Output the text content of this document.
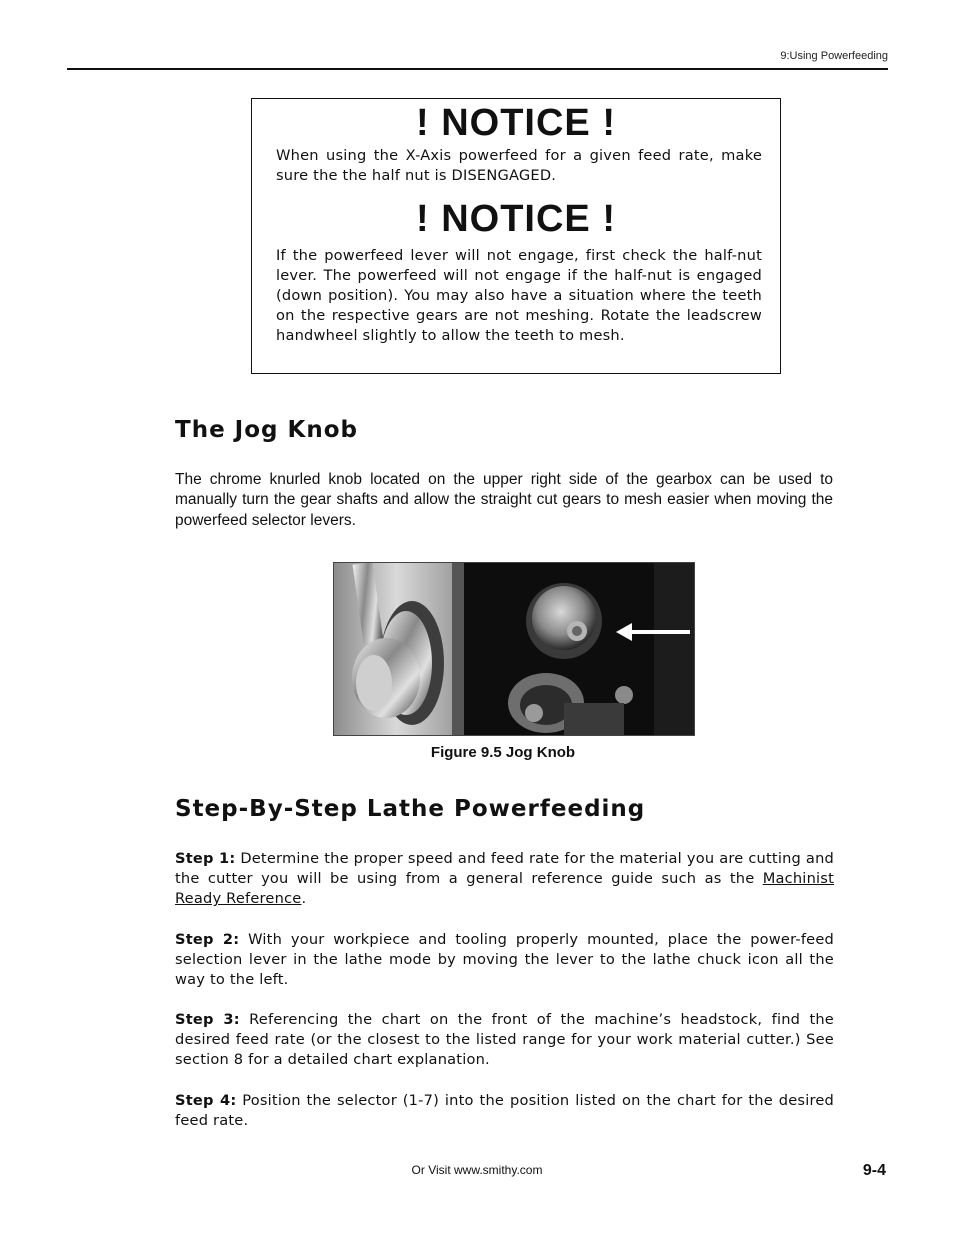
9:Using Powerfeeding
! NOTICE !
When using the X-Axis powerfeed for a given feed rate, make sure the the half nut is DISENGAGED.
! NOTICE !
If the powerfeed lever will not engage, first check the half-nut lever. The powerfeed will not engage if the half-nut is engaged (down position). You may also have a situation where the teeth on the respective gears are not meshing. Rotate the leadscrew handwheel slightly to allow the teeth to mesh.
The Jog Knob
The chrome knurled knob located on the upper right side of the gearbox can be used to manually turn the gear shafts and allow the straight cut gears to mesh easier when moving the powerfeed selector levers.
Figure 9.5 Jog Knob
Step-By-Step Lathe Powerfeeding
Step 1: Determine the proper speed and feed rate for the material you are cutting and the cutter you will be using from a general reference guide such as the Machinist Ready Reference.
Step 2: With your workpiece and tooling properly mounted, place the power-feed selection lever in the lathe mode by moving the lever to the lathe chuck icon all the way to the left.
Step 3: Referencing the chart on the front of the machine’s headstock, find the desired feed rate (or the closest to the listed range for your work material cutter.) See section 8 for a detailed chart explanation.
Step 4: Position the selector (1-7) into the position listed on the chart for the desired feed rate.
Or Visit www.smithy.com	9-4
